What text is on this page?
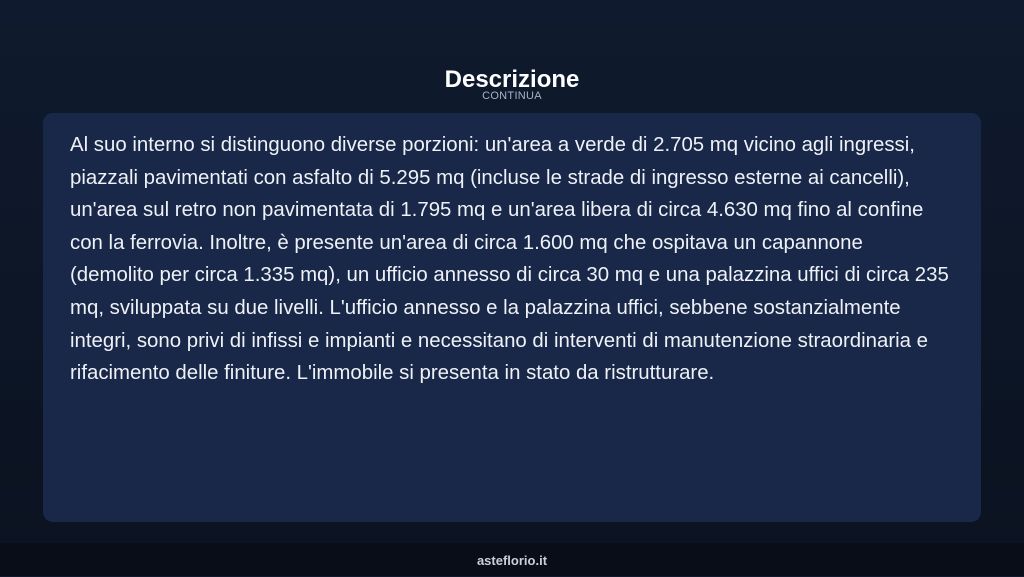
Descrizione
CONTINUA

Al suo interno si distinguono diverse porzioni: un'area a verde di 2.705 mq vicino agli ingressi, piazzali pavimentati con asfalto di 5.295 mq (incluse le strade di ingresso esterne ai cancelli), un'area sul retro non pavimentata di 1.795 mq e un'area libera di circa 4.630 mq fino al confine con la ferrovia. Inoltre, è presente un'area di circa 1.600 mq che ospitava un capannone (demolito per circa 1.335 mq), un ufficio annesso di circa 30 mq e una palazzina uffici di circa 235 mq, sviluppata su due livelli. L'ufficio annesso e la palazzina uffici, sebbene sostanzialmente integri, sono privi di infissi e impianti e necessitano di interventi di manutenzione straordinaria e rifacimento delle finiture. L'immobile si presenta in stato da ristrutturare.

asteflorio.it
